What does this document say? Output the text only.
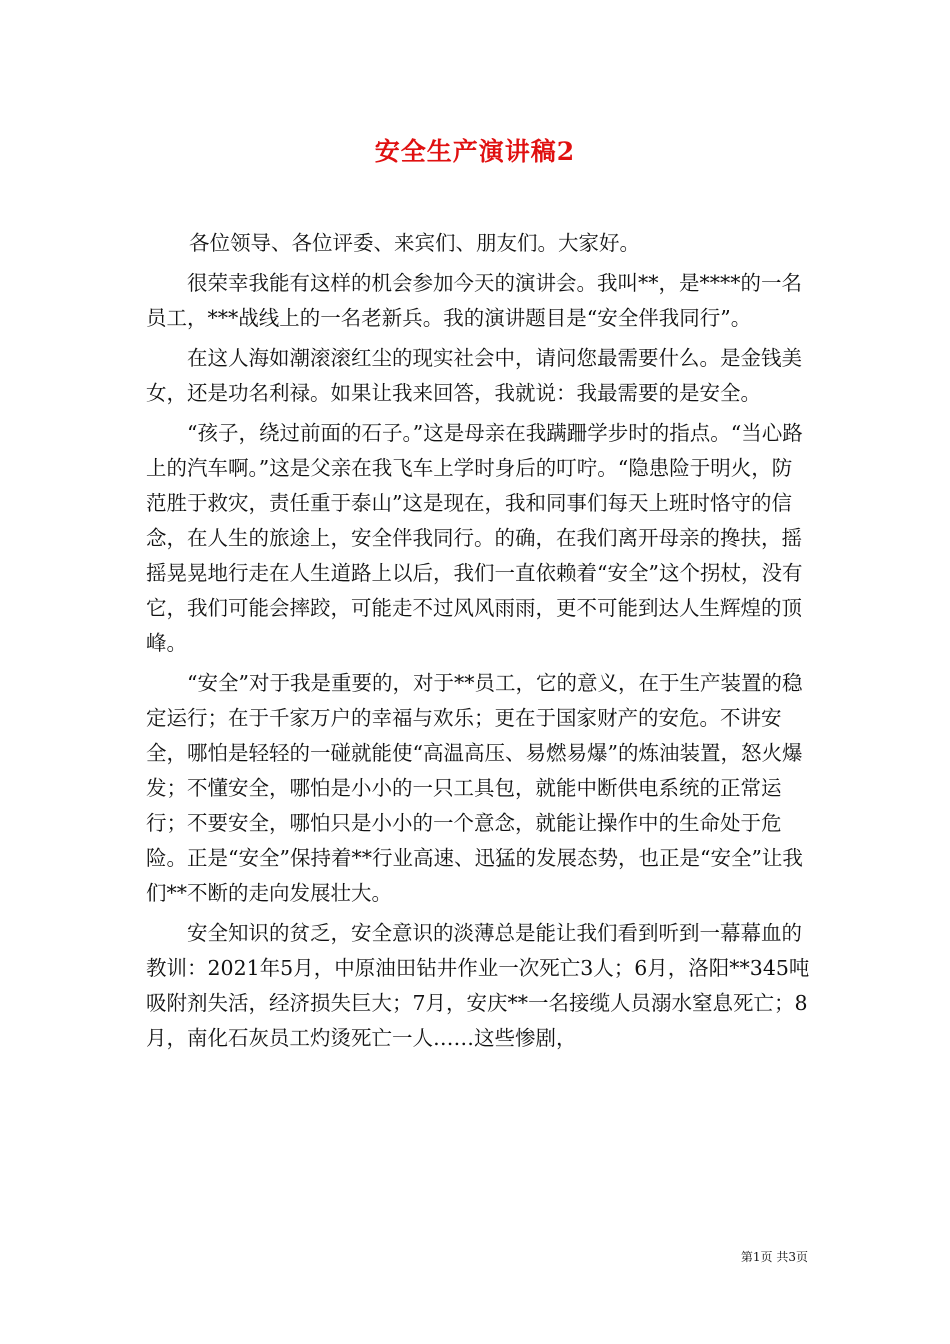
安全生产演讲稿2

各位领导、各位评委、来宾们、朋友们。大家好。

很荣幸我能有这样的机会参加今天的演讲会。我叫**，是****的一名员工，***战线上的一名老新兵。我的演讲题目是“安全伴我同行”。

在这人海如潮滚滚红尘的现实社会中，请问您最需要什么。是金钱美女，还是功名利禄。如果让我来回答，我就说：我最需要的是安全。

“孩子，绕过前面的石子。”这是母亲在我蹒跚学步时的指点。“当心路上的汽车啊。”这是父亲在我飞车上学时身后的叮咛。“隐患险于明火，防范胜于救灾，责任重于泰山”这是现在，我和同事们每天上班时恪守的信念，在人生的旅途上，安全伴我同行。的确，在我们离开母亲的搀扶，摇摇晃晃地行走在人生道路上以后，我们一直依赖着“安全”这个拐杖，没有它，我们可能会摔跤，可能走不过风风雨雨，更不可能到达人生辉煌的顶峰。

“安全”对于我是重要的，对于**员工，它的意义，在于生产装置的稳定运行；在于千家万户的幸福与欢乐；更在于国家财产的安危。不讲安全，哪怕是轻轻的一碰就能使“高温高压、易燃易爆”的炼油装置，怒火爆发；不懂安全，哪怕是小小的一只工具包，就能中断供电系统的正常运行；不要安全，哪怕只是小小的一个意念，就能让操作中的生命处于危险。正是“安全”保持着**行业高速、迅猛的发展态势，也正是“安全”让我们**不断的走向发展壮大。

安全知识的贫乏，安全意识的淡薄总是能让我们看到听到一幕幕血的教训：2021年5月，中原油田钻井作业一次死亡3人；6月，洛阳**345吨吸附剂失活，经济损失巨大；7月，安庆**一名接缆人员溺水窒息死亡；8月，南化石灰员工灼烫死亡一人……这些惨剧，

第1页 共3页
